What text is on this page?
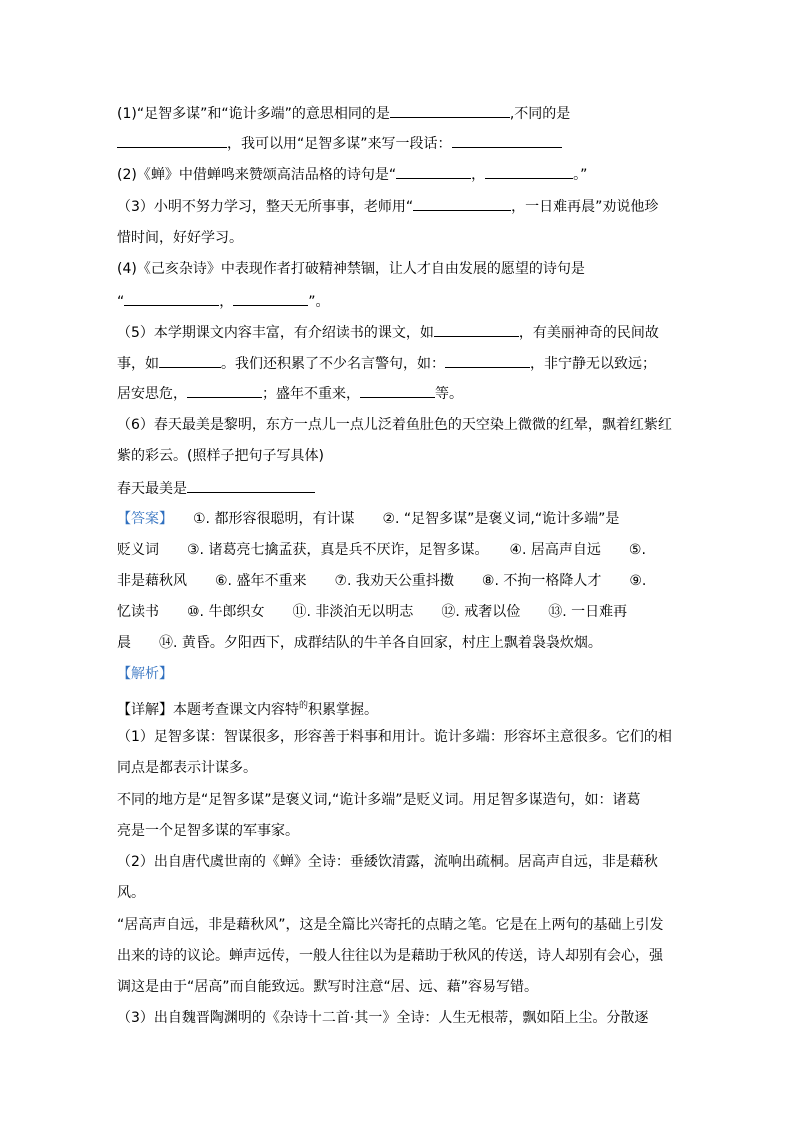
(1)“足智多谋”和“诡计多端”的意思相同的是	,不同的是
，我可以用“足智多谋”来写一段话：
(2)《蝉》中借蝉鸣来赞颂高洁品格的诗句是“	，	。”
（3）小明不努力学习，整天无所事事，老师用“	，一日难再晨”劝说他珍
惜时间，好好学习。
(4)《己亥杂诗》中表现作者打破精神禁锢，让人才自由发展的愿望的诗句是
“	，	”。
（5）本学期课文内容丰富，有介绍读书的课文，如	，有美丽神奇的民间故
事，如	。我们还积累了不少名言警句，如：	，非宁静无以致远；
居安思危，	；盛年不重来，	等。
（6）春天最美是黎明，东方一点儿一点儿泛着鱼肚色的天空染上微微的红晕，飘着红紫红
紫的彩云。(照样子把句子写具体)
春天最美是
【答案】 ①. 都形容很聪明，有计谋　　②. “足智多谋”是褒义词,“诡计多端”是
贬义词　　③. 诸葛亮七擒孟获，真是兵不厌诈，足智多谋。　　④. 居高声自远　　⑤.
非是藉秋风　　⑥. 盛年不重来　　⑦. 我劝天公重抖擞　　⑧. 不拘一格降人才　　⑨.
忆读书　　⑩. 牛郎织女　　⑪. 非淡泊无以明志　　⑫. 戒奢以俭　　⑬. 一日难再
晨　　⑭. 黄昏。夕阳西下，成群结队的牛羊各自回家，村庄上飘着袅袅炊烟。
【解析】
【详解】本题考查课文内容特$^的$积累掌握。
（1）足智多谋：智谋很多，形容善于料事和用计。诡计多端：形容坏主意很多。它们的相
同点是都表示计谋多。
不同的地方是“足智多谋”是褒义词,“诡计多端”是贬义词。用足智多谋造句，如：诸葛
亮是一个足智多谋的军事家。
（2）出自唐代虞世南的《蝉》全诗：垂緌饮清露，流响出疏桐。居高声自远，非是藉秋
风。
“居高声自远，非是藉秋风”，这是全篇比兴寄托的点睛之笔。它是在上两句的基础上引发
出来的诗的议论。蝉声远传，一般人往往以为是藉助于秋风的传送，诗人却别有会心，强
调这是由于“居高”而自能致远。默写时注意“居、远、藉”容易写错。
（3）出自魏晋陶渊明的《杂诗十二首·其一》全诗：人生无根蒂，飘如陌上尘。分散逐
